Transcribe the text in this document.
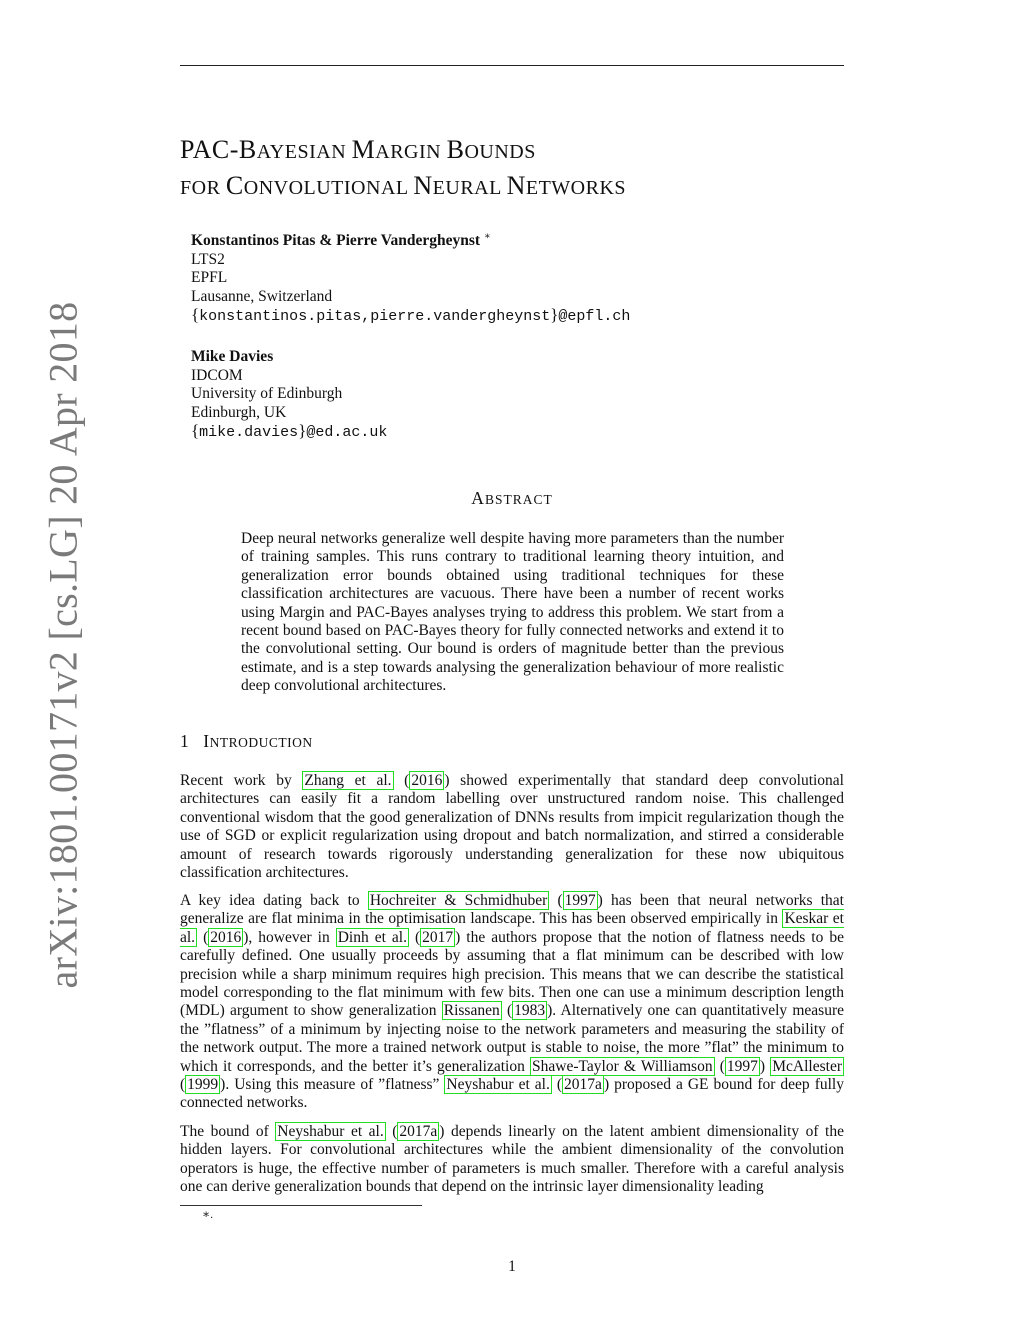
arXiv:1801.00171v2 [cs.LG] 20 Apr 2018
PAC-BAYESIAN MARGIN BOUNDS
FOR CONVOLUTIONAL NEURAL NETWORKS
Konstantinos Pitas & Pierre Vandergheynst ∗
LTS2
EPFL
Lausanne, Switzerland
{konstantinos.pitas,pierre.vandergheynst}@epfl.ch
Mike Davies
IDCOM
University of Edinburgh
Edinburgh, UK
{mike.davies}@ed.ac.uk
ABSTRACT
Deep neural networks generalize well despite having more parameters than the number of training samples. This runs contrary to traditional learning theory intuition, and generalization error bounds obtained using traditional techniques for these classification architectures are vacuous. There have been a number of recent works using Margin and PAC-Bayes analyses trying to address this problem. We start from a recent bound based on PAC-Bayes theory for fully connected networks and extend it to the convolutional setting. Our bound is orders of magnitude better than the previous estimate, and is a step towards analysing the generalization behaviour of more realistic deep convolutional architectures.
1 INTRODUCTION

Recent work by Zhang et al. ( 2016 ) showed experimentally that standard deep convolutional architectures can easily fit a random labelling over unstructured random noise. This challenged conventional wisdom that the good generalization of DNNs results from impicit regularization though the use of SGD or explicit regularization using dropout and batch normalization, and stirred a considerable amount of research towards rigorously understanding generalization for these now ubiquitous classification architectures.

A key idea dating back to Hochreiter & Schmidhuber ( 1997 ) has been that neural networks that generalize are flat minima in the optimisation landscape. This has been observed empirically in Keskar et al. ( 2016 ), however in Dinh et al. ( 2017 ) the authors propose that the notion of flatness needs to be carefully defined. One usually proceeds by assuming that a flat minimum can be described with low precision while a sharp minimum requires high precision. This means that we can describe the statistical model corresponding to the flat minimum with few bits. Then one can use a minimum description length (MDL) argument to show generalization Rissanen ( 1983 ). Alternatively one can quantitatively measure the ”flatness” of a minimum by injecting noise to the network parameters and measuring the stability of the network output. The more a trained network output is stable to noise, the more ”flat” the minimum to which it corresponds, and the better it’s generalization Shawe-Taylor & Williamson ( 1997 ) McAllester ( 1999 ). Using this measure of ”flatness” Neyshabur et al. ( 2017a ) proposed a GE bound for deep fully connected networks.

The bound of Neyshabur et al. ( 2017a ) depends linearly on the latent ambient dimensionality of the hidden layers. For convolutional architectures while the ambient dimensionality of the convolution operators is huge, the effective number of parameters is much smaller. Therefore with a careful analysis one can derive generalization bounds that depend on the intrinsic layer dimensionality leading

∗.
1
